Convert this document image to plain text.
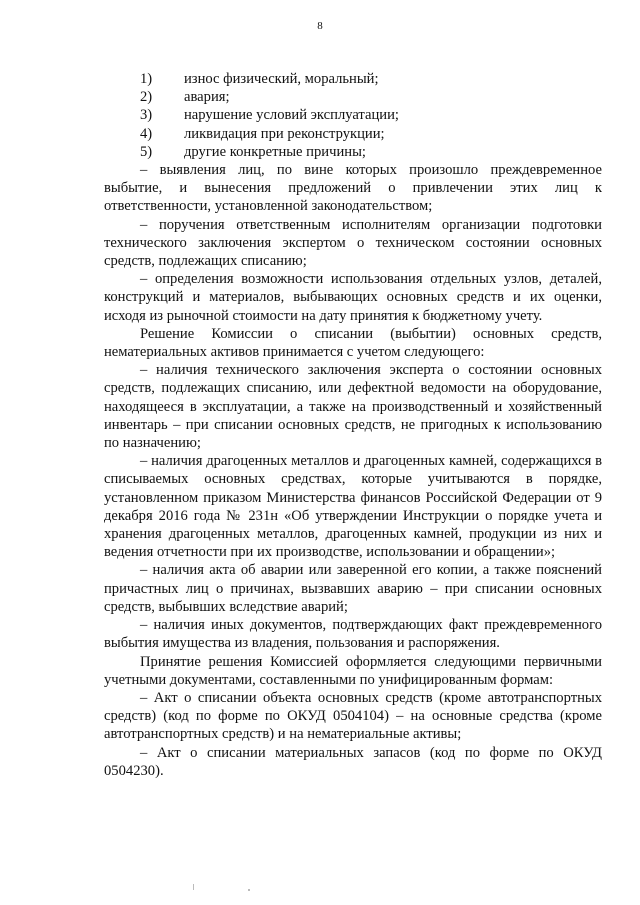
8
1) износ физический, моральный;
2) авария;
3) нарушение условий эксплуатации;
4) ликвидация при реконструкции;
5) другие конкретные причины;

– выявления лиц, по вине которых произошло преждевременное выбытие, и вынесения предложений о привлечении этих лиц к ответственности, установленной законодательством;

– поручения ответственным исполнителям организации подготовки технического заключения экспертом о техническом состоянии основных средств, подлежащих списанию;

– определения возможности использования отдельных узлов, деталей, конструкций и материалов, выбывающих основных средств и их оценки, исходя из рыночной стоимости на дату принятия к бюджетному учету.

Решение Комиссии о списании (выбытии) основных средств, нематериальных активов принимается с учетом следующего:

– наличия технического заключения эксперта о состоянии основных средств, подлежащих списанию, или дефектной ведомости на оборудование, находящееся в эксплуатации, а также на производственный и хозяйственный инвентарь – при списании основных средств, не пригодных к использованию по назначению;

– наличия драгоценных металлов и драгоценных камней, содержащихся в списываемых основных средствах, которые учитываются в порядке, установленном приказом Министерства финансов Российской Федерации от 9 декабря 2016 года № 231н «Об утверждении Инструкции о порядке учета и хранения драгоценных металлов, драгоценных камней, продукции из них и ведения отчетности при их производстве, использовании и обращении»;

– наличия акта об аварии или заверенной его копии, а также пояснений причастных лиц о причинах, вызвавших аварию – при списании основных средств, выбывших вследствие аварий;

– наличия иных документов, подтверждающих факт преждевременного выбытия имущества из владения, пользования и распоряжения.

Принятие решения Комиссией оформляется следующими первичными учетными документами, составленными по унифицированным формам:

– Акт о списании объекта основных средств (кроме автотранспортных средств) (код по форме по ОКУД 0504104) – на основные средства (кроме автотранспортных средств) и на нематериальные активы;

– Акт о списании материальных запасов (код по форме по ОКУД 0504230).
